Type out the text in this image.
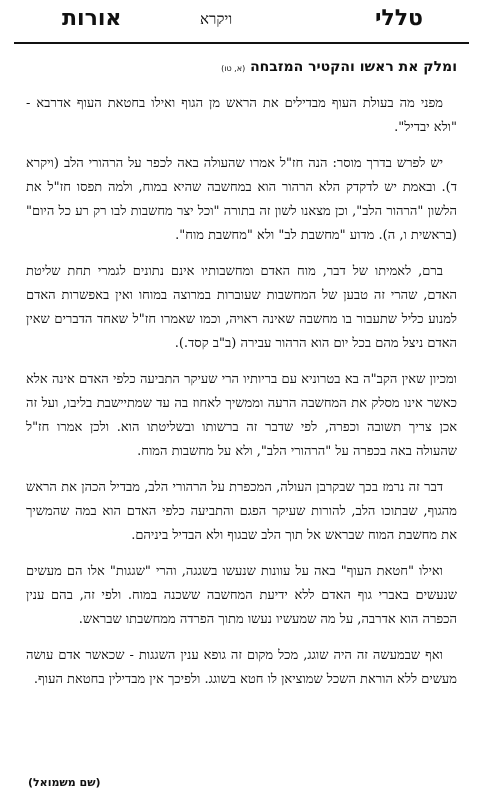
טללי
ויקרא
אורות

ומלק את ראשו והקטיר המזבחה (א, טו)

מפני מה בעולת העוף מבדילים את הראש מן הגוף ואילו בחטאת העוף אדרבא - "ולא יבדיל".

יש לפרש בדרך מוסר: הנה חז"ל אמרו שהעולה באה לכפר על הרהורי הלב (ויקרא ד). ובאמת יש לדקדק הלא הרהור הוא במחשבה שהיא במוח, ולמה תפסו חז"ל את הלשון "הרהור הלב", וכן מצאנו לשון זה בתורה "וכל יצר מחשבות לבו רק רע כל היום" (בראשית ו, ה). מדוע "מחשבת לב" ולא "מחשבת מוח".

ברם, לאמיתו של דבר, מוח האדם ומחשבותיו אינם נתונים לגמרי תחת שליטת האדם, שהרי זה טבען של המחשבות שעוברות במרוצה במוחו ואין באפשרות האדם למנוע כליל שתעבור בו מחשבה שאינה ראויה, וכמו שאמרו חז"ל שאחד הדברים שאין האדם ניצל מהם בכל יום הוא הרהור עבירה (ב"ב קסד.).

ומכיון שאין הקב"ה בא בטרוניא עם בריותיו הרי שעיקר התביעה כלפי האדם אינה אלא כאשר אינו מסלק את המחשבה הרעה וממשיך לאחוז בה עד שמתיישבת בליבו, ועל זה אכן צריך תשובה וכפרה, לפי שדבר זה ברשותו ובשליטתו הוא. ולכן אמרו חז"ל שהעולה באה בכפרה על "הרהורי הלב", ולא על מחשבות המוח.

דבר זה נרמז בכך שבקרבן העולה, המכפרת על הרהורי הלב, מבדיל הכהן את הראש מהגוף, שבתוכו הלב, להורות שעיקר הפגם והתביעה כלפי האדם הוא במה שהמשיך את מחשבת המוח שבראש אל תוך הלב שבגוף ולא הבדיל ביניהם.

ואילו "חטאת העוף" באה על עוונות שנעשו בשגגה, והרי "שגגות" אלו הם מעשים שנעשים באברי גוף האדם ללא ידיעת המחשבה ששכנה במוח. ולפי זה, בהם ענין הכפרה הוא אדרבה, על מה שמעשיו נעשו מתוך הפרדה ממחשבתו שבראש.

ואף שבמעשה זה היה שוגג, מכל מקום זה גופא ענין השגגות - שכאשר אדם עושה מעשים ללא הוראת השכל שמוציאן לו חטא בשוגג. ולפיכך אין מבדילין בחטאת העוף.

(שם משמואל)
